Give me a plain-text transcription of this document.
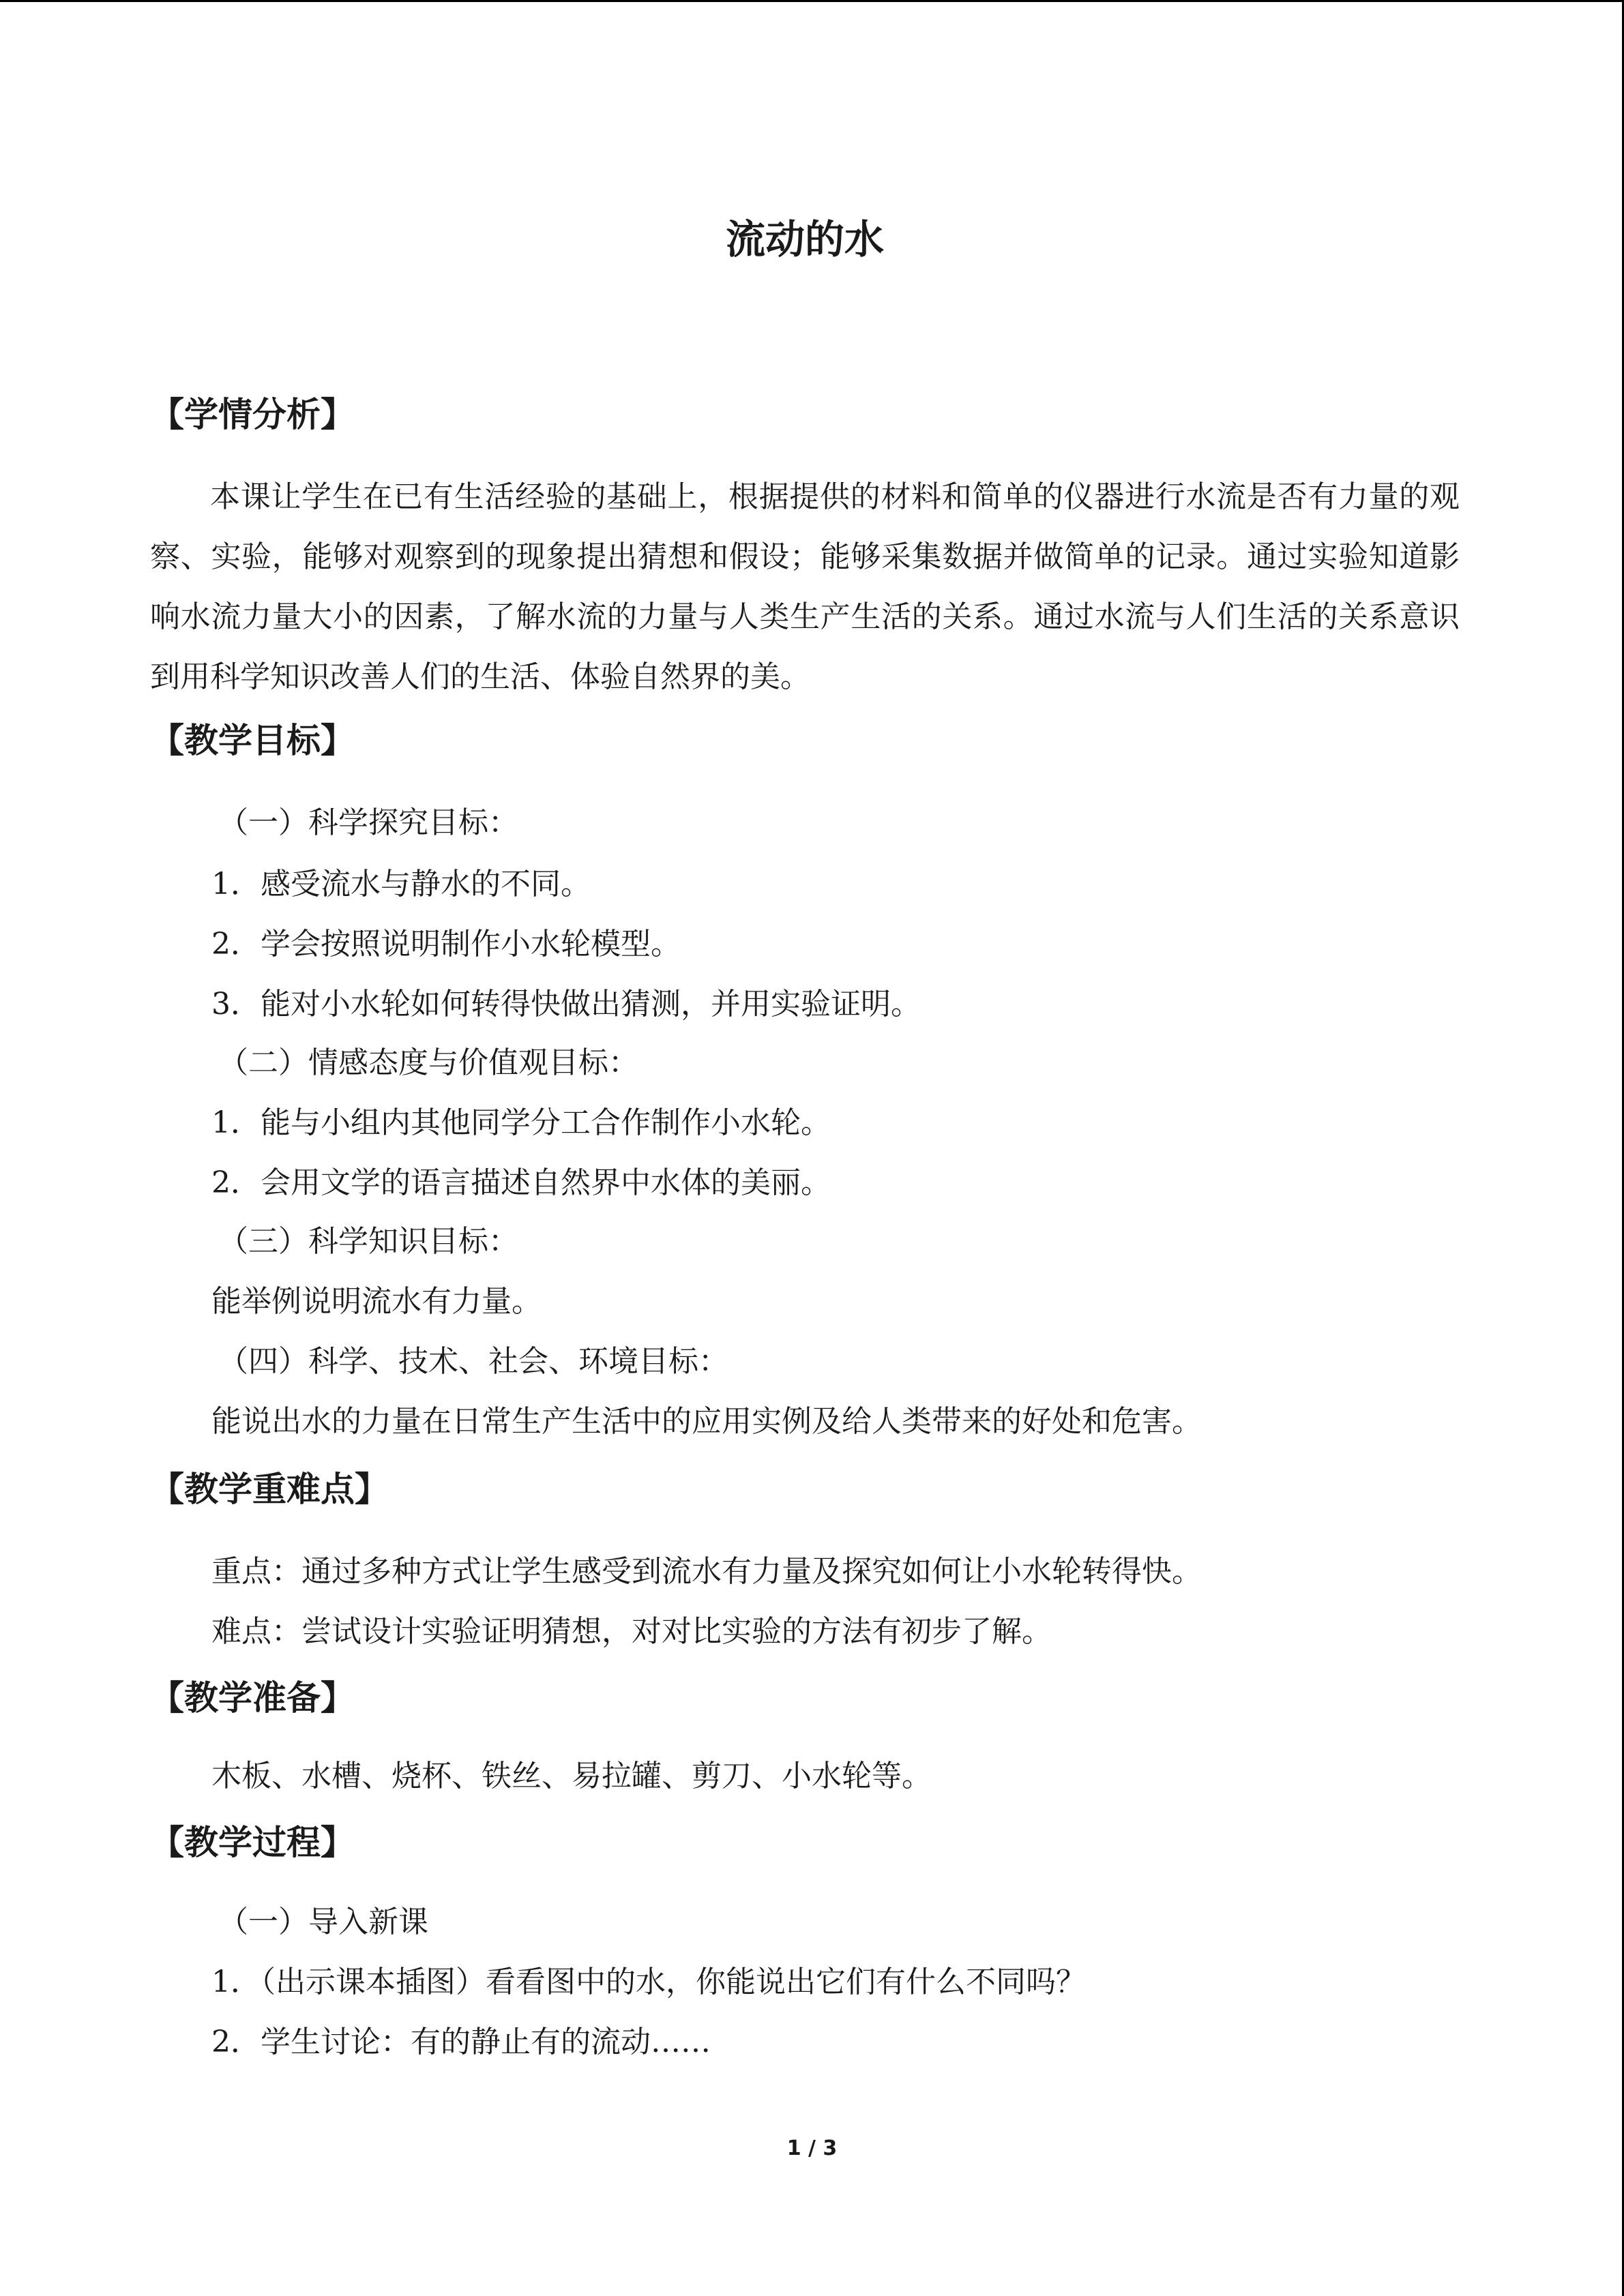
流动的水
【学情分析】

本课让学生在已有生活经验的基础上，根据提供的材料和简单的仪器进行水流是否有力量的观察、实验，能够对观察到的现象提出猜想和假设；能够采集数据并做简单的记录。通过实验知道影响水流力量大小的因素，了解水流的力量与人类生产生活的关系。通过水流与人们生活的关系意识到用科学知识改善人们的生活、体验自然界的美。

【教学目标】

（一）科学探究目标：

1．感受流水与静水的不同。

2．学会按照说明制作小水轮模型。

3．能对小水轮如何转得快做出猜测，并用实验证明。

（二）情感态度与价值观目标：

1．能与小组内其他同学分工合作制作小水轮。

2．会用文学的语言描述自然界中水体的美丽。

（三）科学知识目标：

能举例说明流水有力量。

（四）科学、技术、社会、环境目标：

能说出水的力量在日常生产生活中的应用实例及给人类带来的好处和危害。

【教学重难点】

重点：通过多种方式让学生感受到流水有力量及探究如何让小水轮转得快。

难点：尝试设计实验证明猜想，对对比实验的方法有初步了解。

【教学准备】

木板、水槽、烧杯、铁丝、易拉罐、剪刀、小水轮等。

【教学过程】

（一）导入新课

1．（出示课本插图）看看图中的水，你能说出它们有什么不同吗？

2．学生讨论：有的静止有的流动……

1 / 3
